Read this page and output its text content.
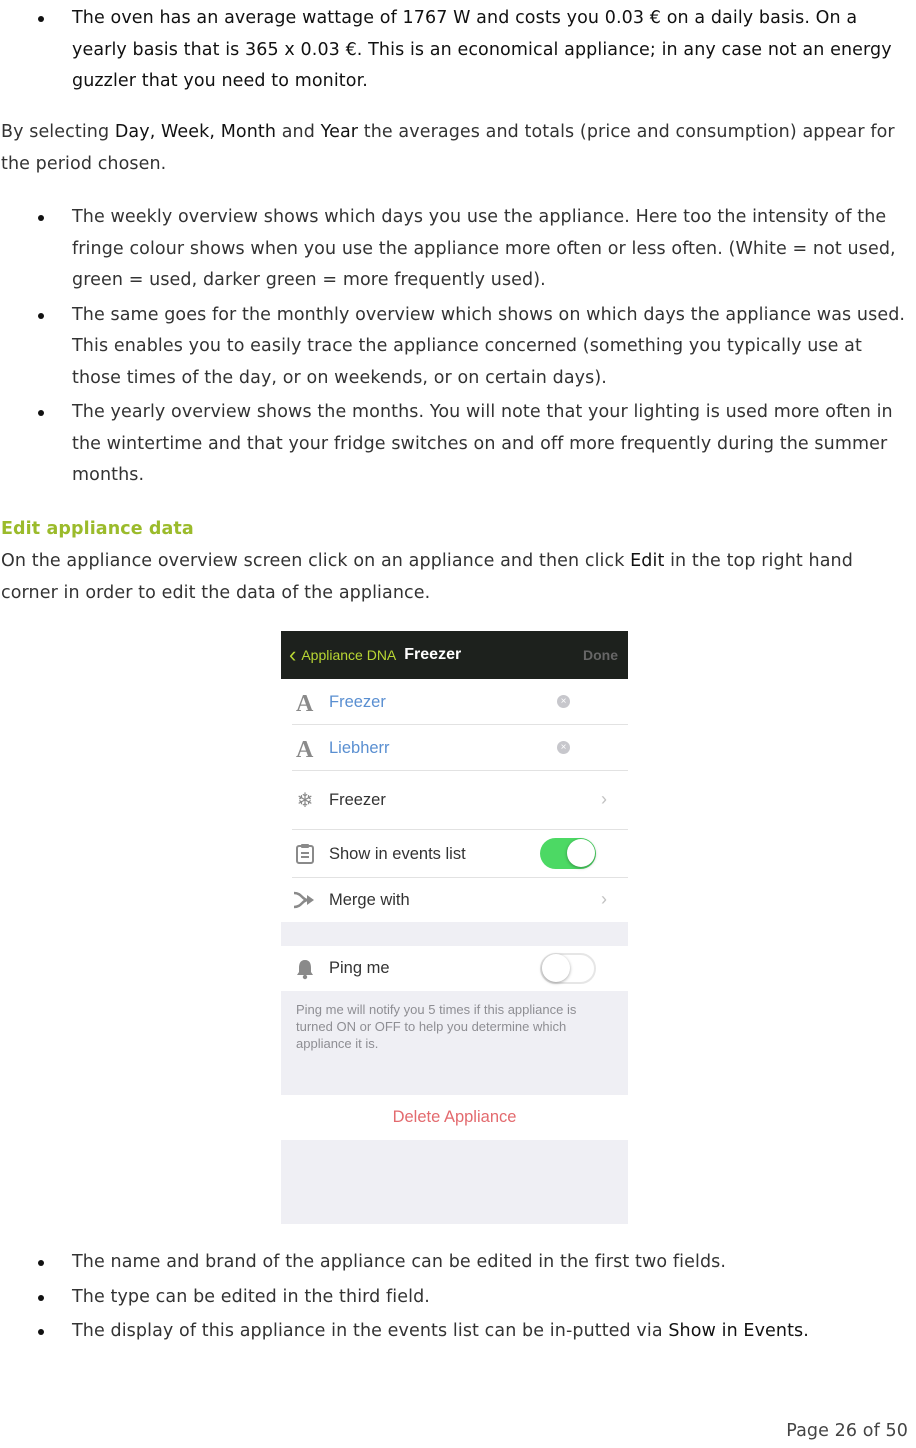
The oven has an average wattage of 1767 W and costs you 0.03 € on a daily basis. On a yearly basis that is 365 x 0.03 €. This is an economical appliance; in any case not an energy guzzler that you need to monitor.

By selecting Day, Week, Month and Year the averages and totals (price and consumption) appear for the period chosen.

The weekly overview shows which days you use the appliance. Here too the intensity of the fringe colour shows when you use the appliance more often or less often. (White = not used, green = used, darker green = more frequently used).
The same goes for the monthly overview which shows on which days the appliance was used. This enables you to easily trace the appliance concerned (something you typically use at those times of the day, or on weekends, or on certain days).
The yearly overview shows the months. You will note that your lighting is used more often in the wintertime and that your fridge switches on and off more frequently during the summer months.
Edit appliance data

On the appliance overview screen click on an appliance and then click Edit in the top right hand corner in order to edit the data of the appliance.

‹ Appliance DNA Freezer	Done
A Freezer	×
A Liebherr	×
❄ Freezer	›
Show in events list
Merge with	›
Ping me
Ping me will notify you 5 times if this appliance is turned ON or OFF to help you determine which appliance it is.
Delete Appliance
The name and brand of the appliance can be edited in the first two fields.
The type can be edited in the third field.
The display of this appliance in the events list can be in-putted via Show in Events.
Page 26 of 50
